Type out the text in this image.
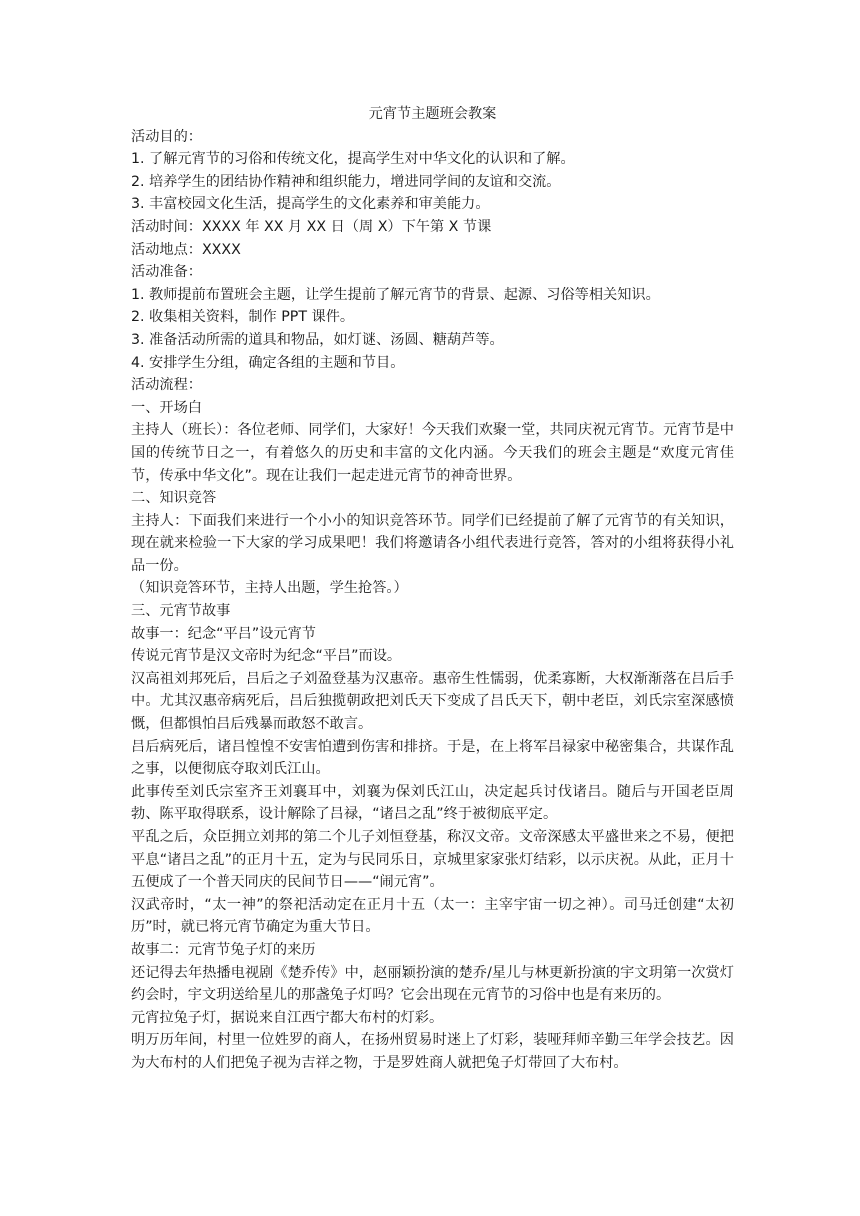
元宵节主题班会教案

活动目的：

1. 了解元宵节的习俗和传统文化，提高学生对中华文化的认识和了解。

2. 培养学生的团结协作精神和组织能力，增进同学间的友谊和交流。

3. 丰富校园文化生活，提高学生的文化素养和审美能力。

活动时间：XXXX 年 XX 月 XX 日（周 X）下午第 X 节课

活动地点：XXXX

活动准备：

1. 教师提前布置班会主题，让学生提前了解元宵节的背景、起源、习俗等相关知识。

2. 收集相关资料，制作 PPT 课件。

3. 准备活动所需的道具和物品，如灯谜、汤圆、糖葫芦等。

4. 安排学生分组，确定各组的主题和节目。

活动流程：

一、开场白

主持人（班长）：各位老师、同学们，大家好！今天我们欢聚一堂，共同庆祝元宵节。元宵节是中国的传统节日之一，有着悠久的历史和丰富的文化内涵。今天我们的班会主题是“欢度元宵佳节，传承中华文化”。现在让我们一起走进元宵节的神奇世界。

二、知识竞答

主持人：下面我们来进行一个小小的知识竞答环节。同学们已经提前了解了元宵节的有关知识，现在就来检验一下大家的学习成果吧！我们将邀请各小组代表进行竞答，答对的小组将获得小礼品一份。

（知识竞答环节，主持人出题，学生抢答。）

三、元宵节故事

故事一：纪念“平吕”设元宵节

传说元宵节是汉文帝时为纪念“平吕”而设。

汉高祖刘邦死后，吕后之子刘盈登基为汉惠帝。惠帝生性懦弱，优柔寡断，大权渐渐落在吕后手中。尤其汉惠帝病死后，吕后独揽朝政把刘氏天下变成了吕氏天下，朝中老臣，刘氏宗室深感愤慨，但都惧怕吕后残暴而敢怒不敢言。

吕后病死后，诸吕惶惶不安害怕遭到伤害和排挤。于是，在上将军吕禄家中秘密集合，共谋作乱之事，以便彻底夺取刘氏江山。

此事传至刘氏宗室齐王刘襄耳中，刘襄为保刘氏江山，决定起兵讨伐诸吕。随后与开国老臣周勃、陈平取得联系，设计解除了吕禄，“诸吕之乱”终于被彻底平定。

平乱之后，众臣拥立刘邦的第二个儿子刘恒登基，称汉文帝。文帝深感太平盛世来之不易，便把平息“诸吕之乱”的正月十五，定为与民同乐日，京城里家家张灯结彩，以示庆祝。从此，正月十五便成了一个普天同庆的民间节日——“闹元宵”。

汉武帝时，“太一神”的祭祀活动定在正月十五（太一：主宰宇宙一切之神）。司马迁创建“太初历”时，就已将元宵节确定为重大节日。

故事二：元宵节兔子灯的来历

还记得去年热播电视剧《楚乔传》中，赵丽颖扮演的楚乔/星儿与林更新扮演的宇文玥第一次赏灯约会时，宇文玥送给星儿的那盏兔子灯吗？它会出现在元宵节的习俗中也是有来历的。

元宵拉兔子灯，据说来自江西宁都大布村的灯彩。

明万历年间，村里一位姓罗的商人，在扬州贸易时迷上了灯彩，装哑拜师辛勤三年学会技艺。因为大布村的人们把兔子视为吉祥之物，于是罗姓商人就把兔子灯带回了大布村。
